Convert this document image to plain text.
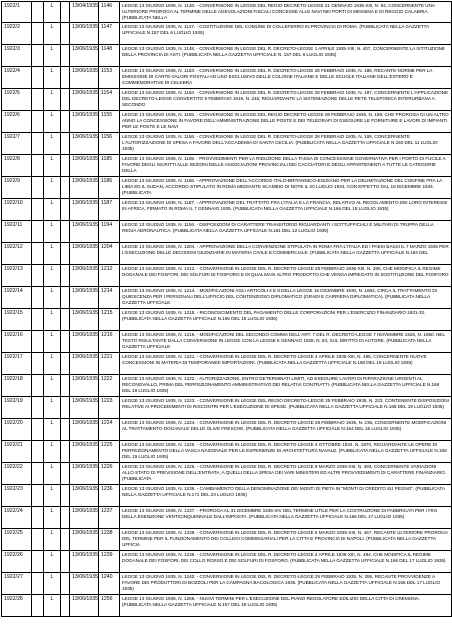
1922/1		L		13/04/1935	1146	LEGGE 13 GIUGNO 1935, N. 1146. - CONVERSIONE IN LEGGE DEL REGIO DECRETO-LEGGE 21 GENNAIO 1935-XIII, N. 92, CONCERNENTE UNA ULTERIORE PROROGA AL TERMINE DELLE AGEVOLAZIONI FISCALI CONCESSE ALLE NAVI NEI PORTI DI MESSINA E DI REGGIO CALABRIA. (PUBBLICATA NELLA
1922/2		L		13/06/1935	1147	LEGGE 13 GIUGNO 1935, N. 1147. - COSTITUZIONE DEL COMUNE DI COLLEFERRO IN PROVINCIA DI ROMA. (PUBBLICATA NELLA GAZZETTA UFFICIALE N.157 DEL 6 LUGLIO 1935)
1922/3		L		13/06/1935	1148	LEGGE 13 GIUGNO 1935, N. 1148. - CONVERSIONE IN LEGGE DEL R. DECRETO-LEGGE 1 APRILE 1935-XIII, N. 407, CONCERNENTE LA ISTITUZIONE DELLA PROVINCIA DI ASTI. (PUBBLICATA NELLA GAZZETTA UFFICIALE N. 157 DEL 6 LUGLIO 1935)
1922/4		L		13/06/1935	1153	LEGGE 13 GIUGNO 1935, N. 1153. - CONVERSIONE IN LEGGE DEL R. DECRETO-LEGGE 28 FEBBRAIO 1935, N. 186, RECANTE NORME PER LA EMISSIONE DI CARTE-VALORI POSTALI AD USO ESCLUSIVO DELLE COLONIE ITALIANE E DELLE SCUOLE ITALIANE DELL'ESTERO E COMMEMORATIVE DI CELEBRA
1922/5		L		13/06/1935	1154	LEGGE 13 GIUGNO 1935, N. 1154. - CONVERSIONE IN LEGGE DEL R. DECRETO-LEGGE 28 FEBBRAIO 1935, N. 187, CONCERNENTE L'APPLICAZIONE DEL DECRETO-LEGGE CONVERTITO 9 FEBBRAIO 1919, N. 245, RIGUARDANTE LA SISTEMAZIONE DELLE RETE TELEFONICA INTERURBANA A SECONDO
1922/6		L		13/06/1935	1155	LEGGE 13 GIUGNO 1935, N. 1155. - CONVERSIONE IN LEGGE DEL REGIO DECRETO-LEGGE 28 FEBBRAIO 1935, N. 188, CHE PROROGA DI UN ALTRO ANNO LA CONCESSIONE IN FAVORE DELL'AMMINISTRAZIONE DELLE POSTE E DEI TELEGRAFI DI ESEGUIRE LE FORNITURE E LAVORI DI IMPIANTI PER LE POSTE E LE NAVI
1922/7		L		13/06/1935	1156	LEGGE 13 GIUGNO 1935, N. 1156. - CONVERSIONE IN LEGGE DEL R. DECRETO-LEGGE 28 FEBBRAIO 1935, N. 189, CONCERNENTE L'AUTORIZZAZIONE DI SPESA A FAVORE DELL'ACCADEMIA DI SANTA CECILIA. (PUBBLICATA NELLA GAZZETTA UFFICIALE N.160 DEL 11 LUGLIO 1935)
1922/8		L		13/06/1935	1185	LEGGE 13 GIUGNO 1935, N. 1185. - PROVVEDIMENTI PER LA RIDUZIONE DELLA TASSA DI CONCESSIONE GOVERNATIVA PER I PORTO DI FUCILE A FAVORE DEGLI ISCRITTI ALLE SEZIONI DELLE ASSOCIAZIONI PROVINCIALI DEI CACCIATORI E DEGLI APPARTENENTI A TUTTE LE CATEGORIE DELLA
1922/9		L		13/06/1935	1186	LEGGE 13 GIUGNO 1935, N. 1186. - APPROVAZIONE DELL'ACCORDO ITALO-BRITANNICO-EGIZIANO PER LA DELIMITAZIONE DEL CONFINE FRA LA LIBIA ED IL SUDAN, ACCORDO STIPULATO IN ROMA MEDIANTE SCAMBIO DI NOTE IL 20 LUGLIO 1934, CON EFFETTO DAL 18 DICEMBRE 1934. (PUBBLICATA
1922/10		L		13/06/1935	1187	LEGGE 13 GIUGNO 1935, N. 1187. - APPROVAZIONE DEL TRATTATO FRA L'ITALIA E LA FRANCIA, RELATIVO AL REGOLAMENTO DEI LORO INTERESSI IN AFRICA, FIRMATO IN ROMA IL 7 GENNAIO 1935. (PUBBLICATA NELLA GAZZETTA UFFICIALE N.166 DEL 18 LUGLIO 1935)
1922/11		L		13/06/1935	1194	LEGGE 13 GIUGNO 1935, N. 1194. - DISPOSIZIONI DI CARATTERE TRANSITORIO RIGUARDANTI I SOTTUFFICIALI E MILITARI DI TRUPPA DELLA REGIA AERONAUTICA. (PUBBLICATA NELLA GAZZETTA UFFICIALE N.181 DEL 12 LUGLIO 1935)
1922/12		L		13/06/1935	1204	LEGGE 13 GIUGNO 1935, N. 1204. - APPROVAZIONE DELLA CONVENZIONE STIPULATA IN ROMA FRA L'ITALIA ED I PAESI BASSI IL 7 MARZO 1935 PER L'ESECUZIONE DELLE DECISIONI GIUDIZIARIE IN MATERIA CIVILE E COMMERCIALE. (PUBBLICATA NELLA GAZZETTA UFFICIALE N.184 DEL
1922/13		L		13/06/1935	1212	LEGGE 13 GIUGNO 1935, N. 1212. - CONVERSIONE IN LEGGE DEL R. DECRETO-LEGGE 28 FEBBRAIO 1935-XIII, N. 280, CHE MODIFICA IL REGIME DOGANALE DEI FOSFORI, DEI SOLFURI DI FOSFORO E DI QUALSIASI ALTRO PRODOTTO CHE VENGA IMPIEGATO IN SOSTITUZIONE DEL FOSFORO
1922/14		L		13/06/1935	1214	LEGGE 13 GIUGNO 1935, N. 1214. - MODIFICAZIONI AGLI ARTICOLI 4 E 8 DELLA LEGGE 18 DICEMBRE 1930, N. 1684, CIRCA IL TRATTAMENTO DI QUIESCENZA PER I PERSONALI DELL'UFFICIO DEL CONTENZIOSO DIPLOMATICO (GRADI E CARRIERA DIPLOMATICA). (PUBBLICATA NELLA GAZZETTA UFFICIALE
1922/15		L		13/06/1935	1215	LEGGE 13 GIUGNO 1935, N. 1215. - RICONOSCIMENTO DEL PAGAMENTO DELLE CORPORAZIONI PER L'ESERCIZIO FINANZIARIO 1931-32. (PUBBLICATA NELLA GAZZETTA UFFICIALE N.165 DEL 15 LUGLIO 1935)
1922/16		L		13/06/1935	1216	LEGGE 13 GIUGNO 1935, N. 1216. - MODIFICAZIONI DEL SECONDO COMMA DELL'ART. 7 DEL R. DECRETO-LEGGE 7 NOVEMBRE 1925, N. 1950, NEL TESTO RISULTANTE DALLA CONVERSIONE IN LEGGE CON LA LEGGE 6 GENNAIO 1928, N. 83, SUL DIRITTO DI AUTORE. (PUBBLICATA NELLA GAZZETTA UFFICIALE
1922/17		L		13/06/1935	1221	LEGGE 13 GIUGNO 1935, N. 1221. - CONVERSIONE IN LEGGE DEL R. DECRETO-LEGGE 4 APRILE 1935-XIII, N. 485, CONCERNENTE NUOVE CONCESSIONI IN MATERIA DI TEMPORANEE IMPORTAZIONI. (PUBBLICATA NELLA GAZZETTA UFFICIALE N.168 DEL 19 LUGLIO 1935)
1922/18		L		13/06/1935	1222	LEGGE 13 GIUGNO 1935, N. 1222. - AUTORIZZAZIONE, ENTRO DETERMINATI LIMITI, AD ESEGUIRE LAVORI DI RIPARAZIONE URGENTI AL RECONOVALLO, PRIMA DEL PERFEZIONAMENTO AMMINISTRATIVO DEI RELATIVI CONTRATTI. (PUBBLICATA NELLA GAZZETTA UFFICIALE N.168 DEL 19 LUGLIO 1935)
1922/19		L		13/06/1935	1223	LEGGE 13 GIUGNO 1935, N. 1223. - CONVERSIONE IN LEGGE DEL REGIO DECRETO-LEGGE 25 FEBBRAIO 1935, N. 223, CONTENENTE DISPOSIZIONI RELATIVE AI PROCEDIMENTI DI RISCONTRI PER L'ESECUZIONE DI SPESE. (PUBBLICATA NELLA GAZZETTA UFFICIALE N.168 DEL 19 LUGLIO 1935)
1922/20		L		13/06/1935	1224	LEGGE 13 GIUGNO 1935, N. 1224. - CONVERSIONE IN LEGGE DEL R. DECRETO-LEGGE 28 FEBBRAIO 1935, N. 236, CONCERNENTE MODIFICAZIONI AL TRATTAMENTO DOGANALE DELLE OLIVE FRESCHE. (PUBBLICATA NELLA GAZZETTA UFFICIALE N.164 DEL 15 LUGLIO 1935)
1922/21		L		13/06/1935	1225	LEGGE 13 GIUGNO 1935, N. 1225. - CONVERSIONE IN LEGGE DEL R. DECRETO-LEGGE 4 OTTOBRE 1934, N. 1870, RIGUARDANTE LE OPERE DI PERFEZIONAMENTO DELLA VASCA NAZIONALE PER LE ESPERIENZE DI ARCHITETTURA NAVALE. (PUBBLICATA NELLA GAZZETTA UFFICIALE N.168 DEL 19 LUGLIO 1935)
1922/22		L		13/06/1935	1226	LEGGE 13 GIUGNO 1935, N. 1226. - CONVERSIONE IN LEGGE DEL R. DECRETO-LEGGE 9 MARZO 1935-XIII, N. 393, CONCERNENTE VARIAZIONI ALLO STATO DI PREVISIONE DELL'ENTRATA, A QUELLI DELLA SPESA DEI VARI MINISTERI ED ALTRI PROVVEDIMENTI DI CARATTERE FINANZIARIO. (PUBBLICATA
1922/23		L		13/06/1935	1236	LEGGE 13 GIUGNO 1935, N. 1236. - CAMBIAMENTO DELLA DENOMINAZIONE DEI MONTI DI PIETA IN "MONTI DI CREDITO SU PEGNO". (PUBBLICATA NELLA GAZZETTA UFFICIALE N.171 DEL 23 LUGLIO 1935)
1922/24		L		13/06/1935	1237	LEGGE 13 GIUGNO 1935, N. 1237. - PROROGA AL 31 DICEMBRE 1935-XIV DEL TERMINE UTILE PER LA COSTRUZIONE DI FABBRICATI PER I FINI DELLA ESENZIONE VENTICINQUENNALE DALL'IMPOSTA. (PUBBLICATA NELLA GAZZETTA UFFICIALE N.166 DEL 17 LUGLIO 1935)
1922/25		L		13/06/1935	1238	LEGGE 13 GIUGNO 1935, N. 1238. - CONVERSIONE IN LEGGE DEL R. DECRETO-LEGGE 5 MARZO 1935-XIII, N. 467, RECANTE ULTERIORE PROROGA DEL TERMINE PER IL FUNZIONAMENTO DEI COLLEGI COMMISSARIALI PER LA CITTA E PROVINCIA DI NAPOLI. (PUBBLICATA NELLA GAZZETTA UFFICIA
1922/26		L		13/06/1935	1239	LEGGE 13 GIUGNO 1935, N. 1239. - CONVERSIONE IN LEGGE DEL R. DECRETO-LEGGE 4 APRILE 1935-XIII, N. 484, CHE MODIFICA IL REGIME DOGANALE DEI FOSFORI, DEI COLLO ROSSO E DEI SOLFURI DI FOSFORO. (PUBBLICATA NELLA GAZZETTA UFFICIALE N.166 DEL 17 LUGLIO 1935)
1922/27		L		13/06/1935	1240	LEGGE 13 GIUGNO 1935, N. 1240. - CONVERSIONE IN LEGGE DEL R. DECRETO-LEGGE 25 FEBBRAIO 1935, N. 395, RECANTE PROVVIDENZE A FAVORE DEI PRODUTTORI DI BOZZOLI PER LA CAMPAGNA BACOLOGICA 1935. (PUBBLICATA NELLA GAZZETTA UFFICIALE N.166 DEL 17 LUGLIO 1935)
1922/28		L		13/06/1935	1256	LEGGE 13 GIUGNO 1935, N. 1256. - NUOVI TERMINI PER L'ESECUZIONE DEL PIANO REGOLATORE EDILIZIO DELLA CITTA DI CREMONA. (PUBBLICATA NELLA GAZZETTA UFFICIALE N.167 DEL 19 LUGLIO 1935)
